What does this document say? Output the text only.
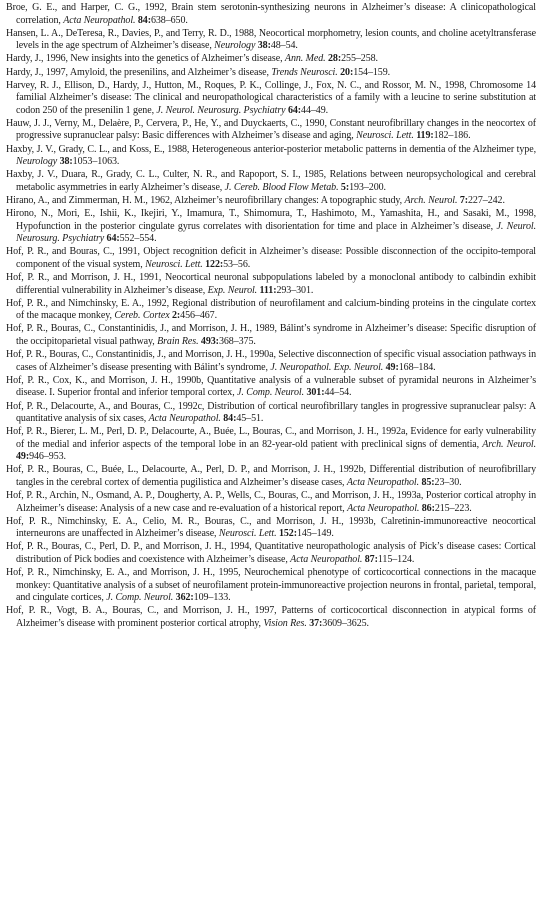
Broe, G. E., and Harper, C. G., 1992, Brain stem serotonin-synthesizing neurons in Alzheimer’s disease: A clinicopathological correlation, Acta Neuropathol. 84:638–650.
Hansen, L. A., DeTeresa, R., Davies, P., and Terry, R. D., 1988, Neocortical morphometry, lesion counts, and choline acetyltransferase levels in the age spectrum of Alzheimer’s disease, Neurology 38:48–54.
Hardy, J., 1996, New insights into the genetics of Alzheimer’s disease, Ann. Med. 28:255–258.
Hardy, J., 1997, Amyloid, the presenilins, and Alzheimer’s disease, Trends Neurosci. 20:154–159.
Harvey, R. J., Ellison, D., Hardy, J., Hutton, M., Roques, P. K., Collinge, J., Fox, N. C., and Rossor, M. N., 1998, Chromosome 14 familial Alzheimer’s disease: The clinical and neuropathological characteristics of a family with a leucine to serine substitution at codon 250 of the presenilin 1 gene, J. Neurol. Neurosurg. Psychiatry 64:44–49.
Hauw, J. J., Verny, M., Delaère, P., Cervera, P., He, Y., and Duyckaerts, C., 1990, Constant neurofibrillary changes in the neocortex of progressive supranuclear palsy: Basic differences with Alzheimer’s disease and aging, Neurosci. Lett. 119:182–186.
Haxby, J. V., Grady, C. L., and Koss, E., 1988, Heterogeneous anterior-posterior metabolic patterns in dementia of the Alzheimer type, Neurology 38:1053–1063.
Haxby, J. V., Duara, R., Grady, C. L., Culter, N. R., and Rapoport, S. I., 1985, Relations between neuropsychological and cerebral metabolic asymmetries in early Alzheimer’s disease, J. Cereb. Blood Flow Metab. 5:193–200.
Hirano, A., and Zimmerman, H. M., 1962, Alzheimer’s neurofibrillary changes: A topographic study, Arch. Neurol. 7:227–242.
Hirono, N., Mori, E., Ishii, K., Ikejiri, Y., Imamura, T., Shimomura, T., Hashimoto, M., Yamashita, H., and Sasaki, M., 1998, Hypofunction in the posterior cingulate gyrus correlates with disorientation for time and place in Alzheimer’s disease, J. Neurol. Neurosurg. Psychiatry 64:552–554.
Hof, P. R., and Bouras, C., 1991, Object recognition deficit in Alzheimer’s disease: Possible disconnection of the occipito-temporal component of the visual system, Neurosci. Lett. 122:53–56.
Hof, P. R., and Morrison, J. H., 1991, Neocortical neuronal subpopulations labeled by a monoclonal antibody to calbindin exhibit differential vulnerability in Alzheimer’s disease, Exp. Neurol. 111:293–301.
Hof, P. R., and Nimchinsky, E. A., 1992, Regional distribution of neurofilament and calcium-binding proteins in the cingulate cortex of the macaque monkey, Cereb. Cortex 2:456–467.
Hof, P. R., Bouras, C., Constantinidis, J., and Morrison, J. H., 1989, Bálint’s syndrome in Alzheimer’s disease: Specific disruption of the occipitoparietal visual pathway, Brain Res. 493:368–375.
Hof, P. R., Bouras, C., Constantinidis, J., and Morrison, J. H., 1990a, Selective disconnection of specific visual association pathways in cases of Alzheimer’s disease presenting with Bálint’s syndrome, J. Neuropathol. Exp. Neurol. 49:168–184.
Hof, P. R., Cox, K., and Morrison, J. H., 1990b, Quantitative analysis of a vulnerable subset of pyramidal neurons in Alzheimer’s disease. I. Superior frontal and inferior temporal cortex, J. Comp. Neurol. 301:44–54.
Hof, P. R., Delacourte, A., and Bouras, C., 1992c, Distribution of cortical neurofibrillary tangles in progressive supranuclear palsy: A quantitative analysis of six cases, Acta Neuropathol. 84:45–51.
Hof, P. R., Bierer, L. M., Perl, D. P., Delacourte, A., Buée, L., Bouras, C., and Morrison, J. H., 1992a, Evidence for early vulnerability of the medial and inferior aspects of the temporal lobe in an 82-year-old patient with preclinical signs of dementia, Arch. Neurol. 49:946–953.
Hof, P. R., Bouras, C., Buée, L., Delacourte, A., Perl, D. P., and Morrison, J. H., 1992b, Differential distribution of neurofibrillary tangles in the cerebral cortex of dementia pugilistica and Alzheimer’s disease cases, Acta Neuropathol. 85:23–30.
Hof, P. R., Archin, N., Osmand, A. P., Dougherty, A. P., Wells, C., Bouras, C., and Morrison, J. H., 1993a, Posterior cortical atrophy in Alzheimer’s disease: Analysis of a new case and re-evaluation of a historical report, Acta Neuropathol. 86:215–223.
Hof, P. R., Nimchinsky, E. A., Celio, M. R., Bouras, C., and Morrison, J. H., 1993b, Calretinin-immunoreactive neocortical interneurons are unaffected in Alzheimer’s disease, Neurosci. Lett. 152:145–149.
Hof, P. R., Bouras, C., Perl, D. P., and Morrison, J. H., 1994, Quantitative neuropathologic analysis of Pick’s disease cases: Cortical distribution of Pick bodies and coexistence with Alzheimer’s disease, Acta Neuropathol. 87:115–124.
Hof, P. R., Nimchinsky, E. A., and Morrison, J. H., 1995, Neurochemical phenotype of corticocortical connections in the macaque monkey: Quantitative analysis of a subset of neurofilament protein-immunoreactive projection neurons in frontal, parietal, temporal, and cingulate cortices, J. Comp. Neurol. 362:109–133.
Hof, P. R., Vogt, B. A., Bouras, C., and Morrison, J. H., 1997, Patterns of corticocortical disconnection in atypical forms of Alzheimer’s disease with prominent posterior cortical atrophy, Vision Res. 37:3609–3625.
